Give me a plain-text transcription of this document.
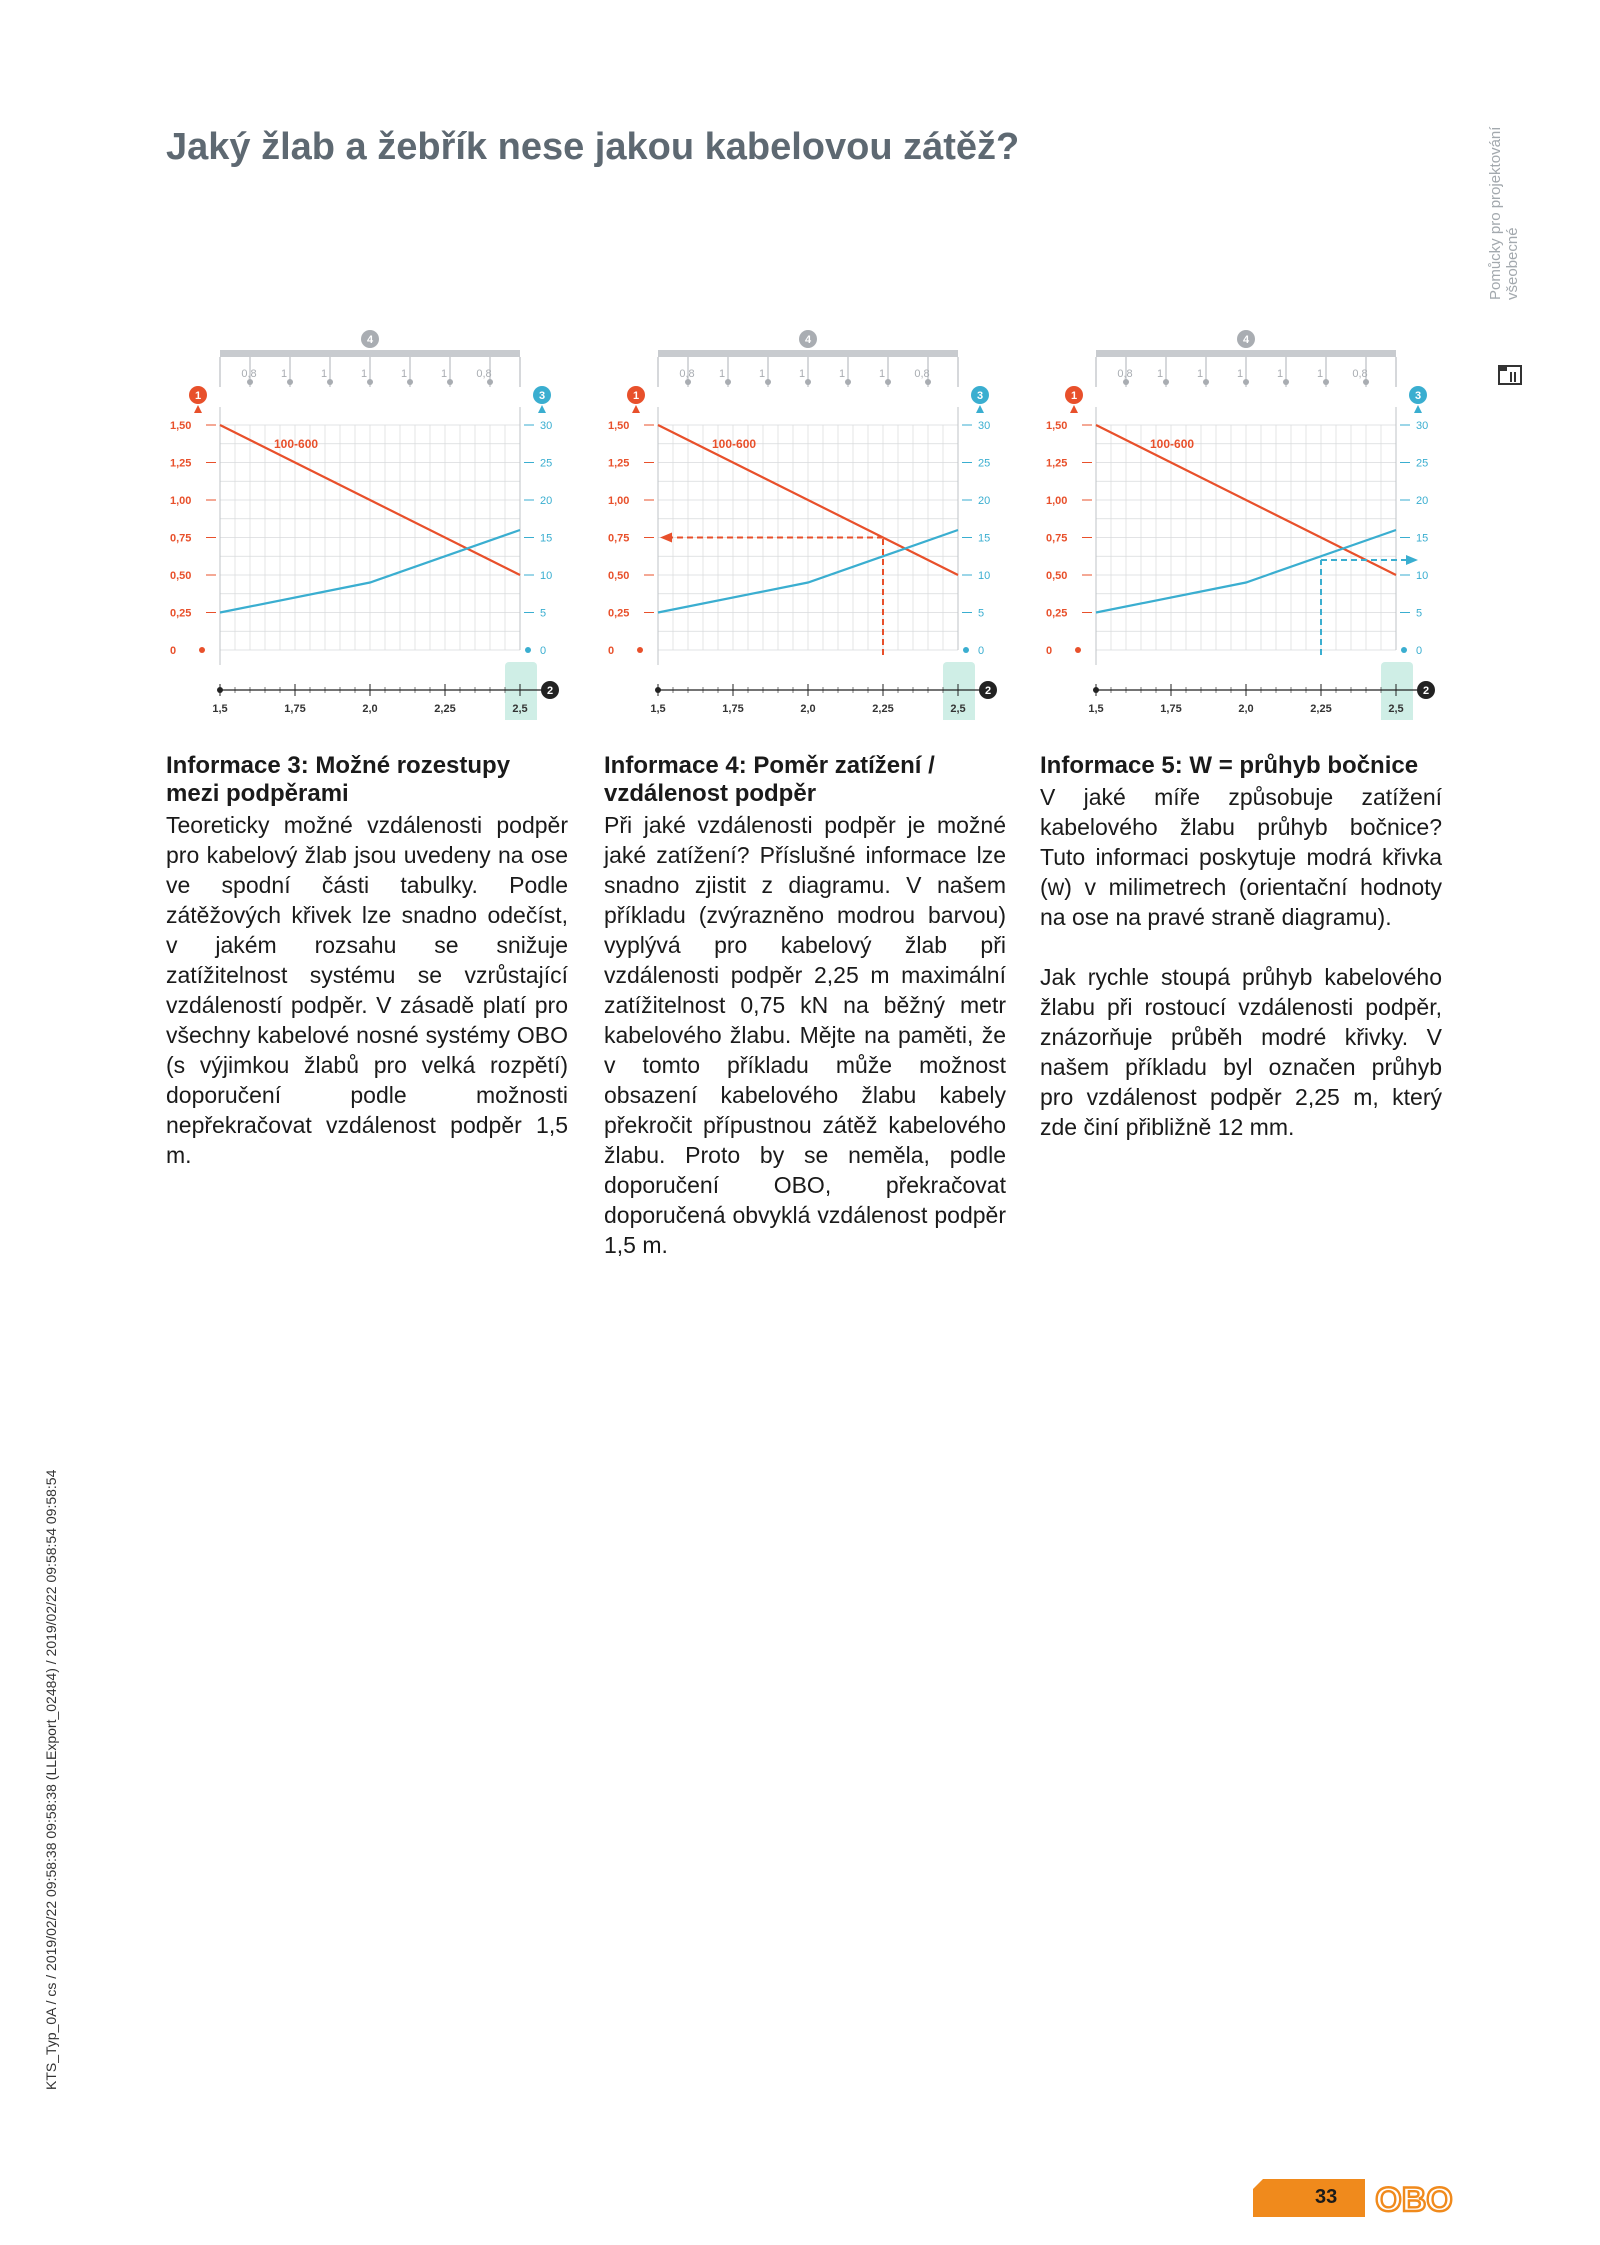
Jaký žlab a žebřík nese jakou kabelovou zátěž?	Pomůcky pro projektování všeobecné
KTS_Typ_0A / cs / 2019/02/22 09:58:38 09:58:38 (LLExport_02484) / 2019/02/22 09:58:54 09:58:54
4
0,8 1	1	1	1	1	0,8
1	3
2
0
0,25
0,50
0,75
1,00
1,25
1,50
0
5
10
15
20
25
30
1,5	1,75	2,0	2,25	2,5
100-600
4
0,8 1	1	1	1	1	0,8
1	3
2
0
0,25
0,50
0,75
1,00
1,25
1,50
0
5
10
15
20
25
30
1,5	1,75	2,0	2,25	2,5
100-600
4
0,8 1	1	1	1	1	0,8
1	3
2
0
0,25
0,50
0,75
1,00
1,25
1,50
0
5
10
15
20
25
30
1,5	1,75	2,0	2,25	2,5
100-600
Informace 3: Možné rozestupy mezi podpěrami

Teoreticky možné vzdálenosti podpěr pro kabelový žlab jsou uvedeny na ose ve spodní části tabulky. Podle zátěžových křivek lze snadno odečíst, v jakém rozsahu se snižuje zatížitelnost systému se vzrůstající vzdáleností podpěr. V zásadě platí pro všechny kabelové nosné systémy OBO (s výjimkou žlabů pro velká rozpětí) doporučení podle možnosti nepřekračovat vzdálenost podpěr 1,5 m.

Informace 4: Poměr zatížení / vzdálenost podpěr

Při jaké vzdálenosti podpěr je možné jaké zatížení? Příslušné informace lze snadno zjistit z diagramu. V našem příkladu (zvýrazněno modrou barvou) vyplývá pro kabelový žlab při vzdálenosti podpěr 2,25 m maximální zatížitelnost 0,75 kN na běžný metr kabelového žlabu. Mějte na paměti, že v tomto příkladu může možnost obsazení kabelového žlabu kabely překročit přípustnou zátěž kabelového žlabu. Proto by se neměla, podle doporučení OBO, překračovat doporučená obvyklá vzdálenost podpěr 1,5 m.

Informace 5: W = průhyb bočnice

V jaké míře způsobuje zatížení kabelového žlabu průhyb bočnice? Tuto informaci poskytuje modrá křivka (w) v milimetrech (orientační hodnoty na ose na pravé straně diagramu).

Jak rychle stoupá průhyb kabelového žlabu při rostoucí vzdálenosti podpěr, znázorňuje průběh modré křivky. V našem příkladu byl označen průhyb pro vzdálenost podpěr 2,25 m, který zde činí přibližně 12 mm.

33 OBO
